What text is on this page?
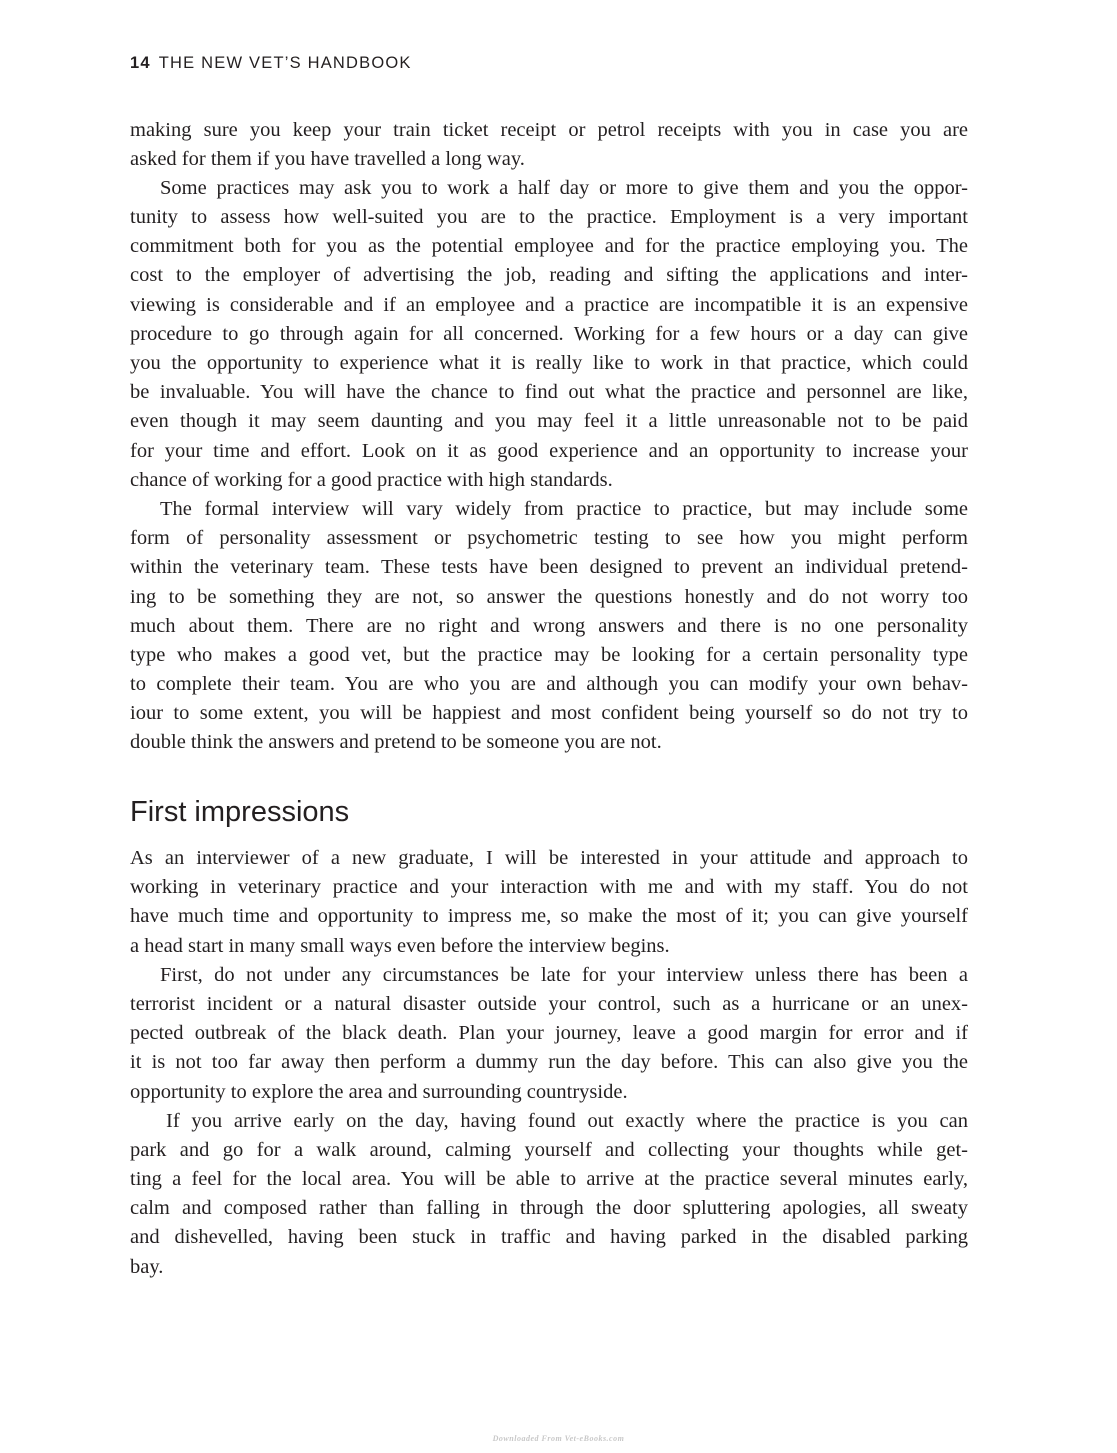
14 THE NEW VET’S HANDBOOK
making sure you keep your train ticket receipt or petrol receipts with you in case you are
asked for them if you have travelled a long way.
Some practices may ask you to work a half day or more to give them and you the oppor-
tunity to assess how well-suited you are to the practice. Employment is a very important
commitment both for you as the potential employee and for the practice employing you. The
cost to the employer of advertising the job, reading and sifting the applications and inter-
viewing is considerable and if an employee and a practice are incompatible it is an expensive
procedure to go through again for all concerned. Working for a few hours or a day can give
you the opportunity to experience what it is really like to work in that practice, which could
be invaluable. You will have the chance to find out what the practice and personnel are like,
even though it may seem daunting and you may feel it a little unreasonable not to be paid
for your time and effort. Look on it as good experience and an opportunity to increase your
chance of working for a good practice with high standards.
The formal interview will vary widely from practice to practice, but may include some
form of personality assessment or psychometric testing to see how you might perform
within the veterinary team. These tests have been designed to prevent an individual pretend-
ing to be something they are not, so answer the questions honestly and do not worry too
much about them. There are no right and wrong answers and there is no one personality
type who makes a good vet, but the practice may be looking for a certain personality type
to complete their team. You are who you are and although you can modify your own behav-
iour to some extent, you will be happiest and most confident being yourself so do not try to
double think the answers and pretend to be someone you are not.
First impressions
As an interviewer of a new graduate, I will be interested in your attitude and approach to
working in veterinary practice and your interaction with me and with my staff. You do not
have much time and opportunity to impress me, so make the most of it; you can give yourself
a head start in many small ways even before the interview begins.
First, do not under any circumstances be late for your interview unless there has been a
terrorist incident or a natural disaster outside your control, such as a hurricane or an unex-
pected outbreak of the black death. Plan your journey, leave a good margin for error and if
it is not too far away then perform a dummy run the day before. This can also give you the
opportunity to explore the area and surrounding countryside.
If you arrive early on the day, having found out exactly where the practice is you can
park and go for a walk around, calming yourself and collecting your thoughts while get-
ting a feel for the local area. You will be able to arrive at the practice several minutes early,
calm and composed rather than falling in through the door spluttering apologies, all sweaty
and dishevelled, having been stuck in traffic and having parked in the disabled parking
bay.
Downloaded From Vet-eBooks.com
